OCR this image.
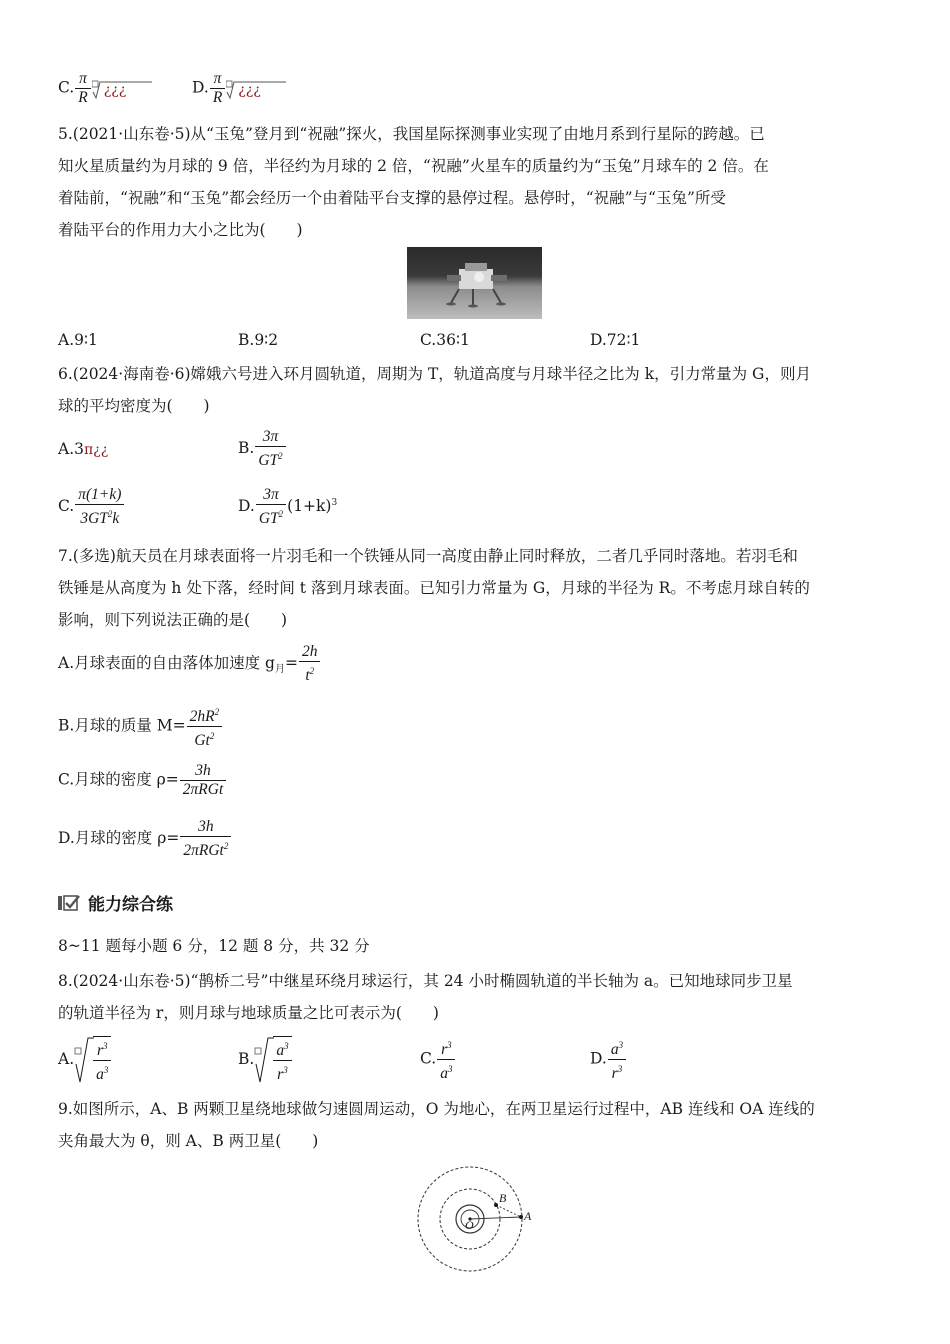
C. $\frac{\pi}{R}$ ¿¿¿	D. $\frac{\pi}{R}$ ¿¿¿
5.(2021·山东卷·5)从“玉兔”登月到“祝融”探火，我国星际探测事业实现了由地月系到行星际的跨越。已
知火星质量约为月球的 9 倍，半径约为月球的 2 倍，“祝融”火星车的质量约为“玉兔”月球车的 2 倍。在
着陆前，“祝融”和“玉兔”都会经历一个由着陆平台支撑的悬停过程。悬停时，“祝融”与“玉兔”所受
着陆平台的作用力大小之比为(　　)
A.9∶1	B.9∶2	C.36∶1	D.72∶1
6.(2024·海南卷·6)嫦娥六号进入环月圆轨道，周期为 T，轨道高度与月球半径之比为 k，引力常量为 G，则月
球的平均密度为(　　)
A.3π¿¿	B. $\frac{3\pi}{GT^2}$
C. $\frac{\pi(1+k)}{3GT^2k}$	D. $\frac{3\pi}{GT^2} (1+k)^3$
7.(多选)航天员在月球表面将一片羽毛和一个铁锤从同一高度由静止同时释放，二者几乎同时落地。若羽毛和
铁锤是从高度为 h 处下落，经时间 t 落到月球表面。已知引力常量为 G，月球的半径为 R。不考虑月球自转的
影响，则下列说法正确的是(　　)
A.月球表面的自由落体加速度 $g_月= \frac{2h}{t^2}$
B.月球的质量 $M= \frac{2hR^2}{Gt^2}$
C.月球的密度 $\rho= \frac{3h}{\text{2πRGt}}$
D.月球的密度 $\rho= \frac{3h}{2\pi RGt^2}$
能力综合练
8~11 题每小题 6 分，12 题 8 分，共 32 分
8.(2024·山东卷·5)“鹊桥二号”中继星环绕月球运行，其 24 小时椭圆轨道的半长轴为 a。已知地球同步卫星
的轨道半径为 r，则月球与地球质量之比可表示为(　　)
A. $\frac{r^3}{a^3}$	B. $\frac{a^3}{r^3}$	C. $\frac{r^3}{a^3}$	D. $\frac{a^3}{r^3}$
9.如图所示，A、B 两颗卫星绕地球做匀速圆周运动，O 为地心，在两卫星运行过程中，AB 连线和 OA 连线的
夹角最大为 θ，则 A、B 两卫星(　　)
O
B
A
